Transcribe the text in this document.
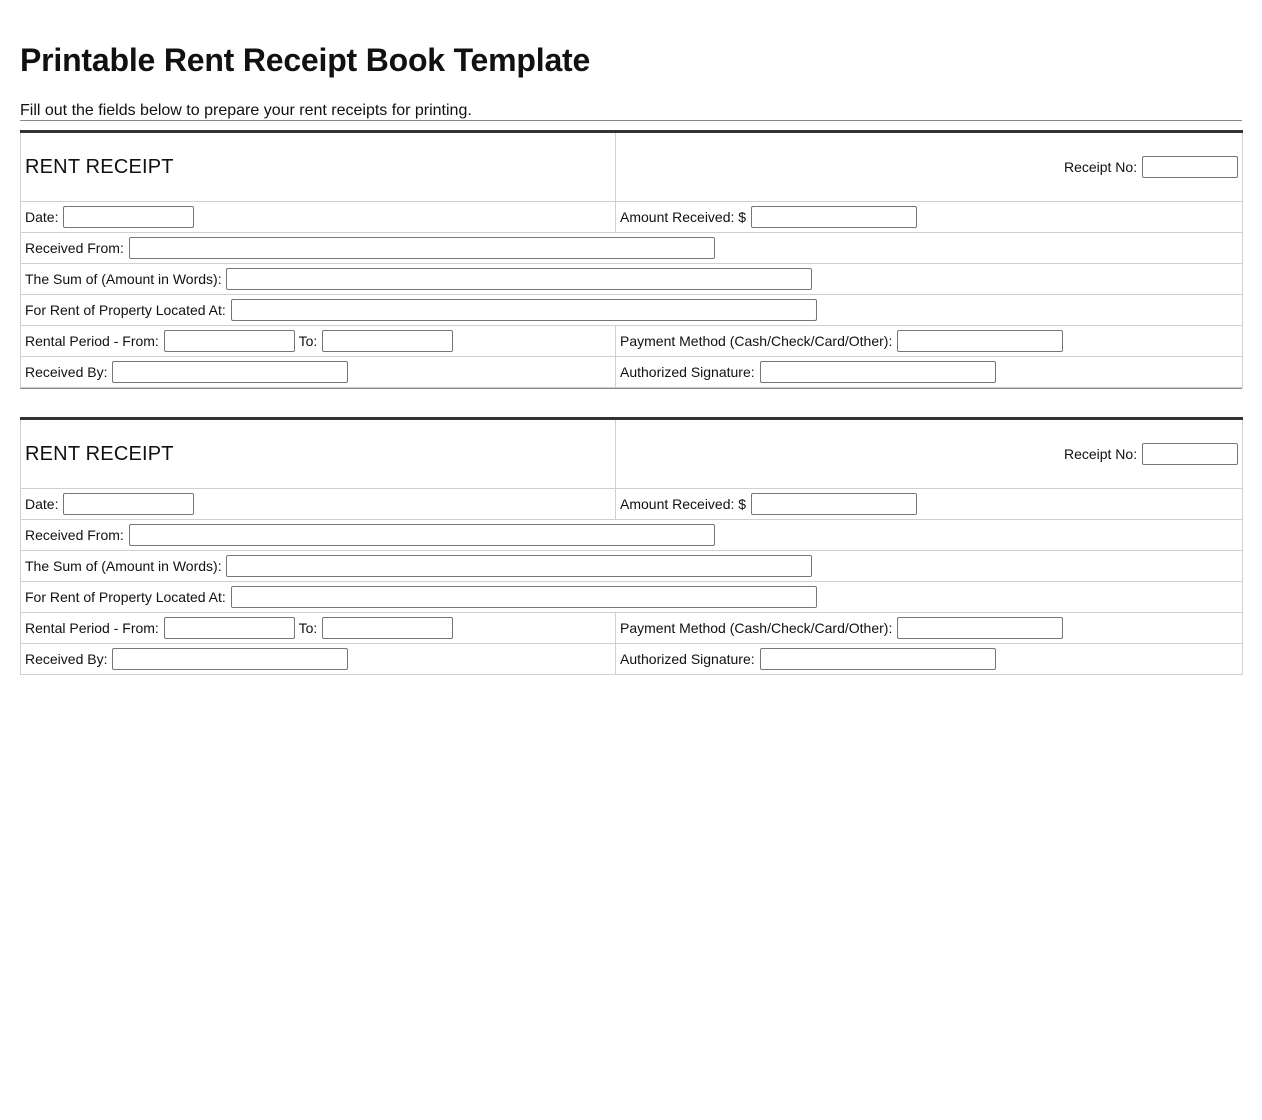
Printable Rent Receipt Book Template

Fill out the fields below to prepare your rent receipts for printing.

RENT RECEIPT	Receipt No:
Date:	Amount Received: $
Received From:	
The Sum of (Amount in Words):	
For Rent of Property Located At:	
Rental Period - From: To:	Payment Method (Cash/Check/Card/Other):
Received By:	Authorized Signature:
RENT RECEIPT	Receipt No:
Date:	Amount Received: $
Received From:	
The Sum of (Amount in Words):	
For Rent of Property Located At:	
Rental Period - From: To:	Payment Method (Cash/Check/Card/Other):
Received By:	Authorized Signature:
